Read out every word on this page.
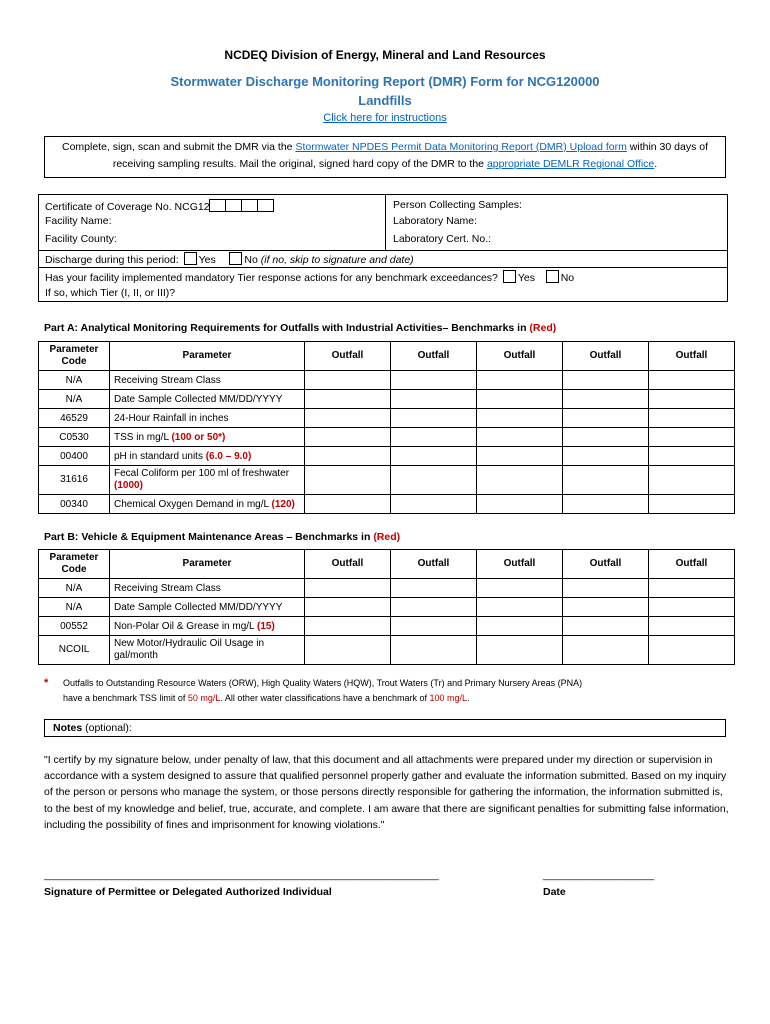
NCDEQ Division of Energy, Mineral and Land Resources
Stormwater Discharge Monitoring Report (DMR) Form for NCG120000
Landfills
Click here for instructions
Complete, sign, scan and submit the DMR via the Stormwater NPDES Permit Data Monitoring Report (DMR) Upload form within 30 days of receiving sampling results. Mail the original, signed hard copy of the DMR to the appropriate DEMLR Regional Office.
Certificate of Coverage No. NCG12
Facility Name:
Facility County:
Person Collecting Samples:
Laboratory Name:
Laboratory Cert. No.:
Discharge during this period: Yes	No (if no, skip to signature and date)
Has your facility implemented mandatory Tier response actions for any benchmark exceedances? Yes No
If so, which Tier (I, II, or III)?
Part A: Analytical Monitoring Requirements for Outfalls with Industrial Activities– Benchmarks in (Red)
Parameter Code	Parameter	Outfall	Outfall	Outfall	Outfall	Outfall
N/A	Receiving Stream Class					
N/A	Date Sample Collected MM/DD/YYYY					
46529	24-Hour Rainfall in inches					
C0530	TSS in mg/L (100 or 50*)					
00400	pH in standard units (6.0 – 9.0)					
31616	Fecal Coliform per 100 ml of freshwater (1000)					
00340	Chemical Oxygen Demand in mg/L (120)					
Part B: Vehicle & Equipment Maintenance Areas – Benchmarks in (Red)
Parameter Code	Parameter	Outfall	Outfall	Outfall	Outfall	Outfall
N/A	Receiving Stream Class					
N/A	Date Sample Collected MM/DD/YYYY					
00552	Non-Polar Oil & Grease in mg/L (15)					
NCOIL	New Motor/Hydraulic Oil Usage in gal/month					
* Outfalls to Outstanding Resource Waters (ORW), High Quality Waters (HQW), Trout Waters (Tr) and Primary Nursery Areas (PNA)
have a benchmark TSS limit of 50 mg/L. All other water classifications have a benchmark of 100 mg/L.
Notes (optional):
"I certify by my signature below, under penalty of law, that this document and all attachments were prepared under my direction or supervision in accordance with a system designed to assure that qualified personnel properly gather and evaluate the information submitted. Based on my inquiry of the person or persons who manage the system, or those persons directly responsible for gathering the information, the information submitted is, to the best of my knowledge and belief, true, accurate, and complete. I am aware that there are significant penalties for submitting false information, including the possibility of fines and imprisonment for knowing violations."
_______________________________________________________________________	____________________
Signature of Permittee or Delegated Authorized Individual	Date
